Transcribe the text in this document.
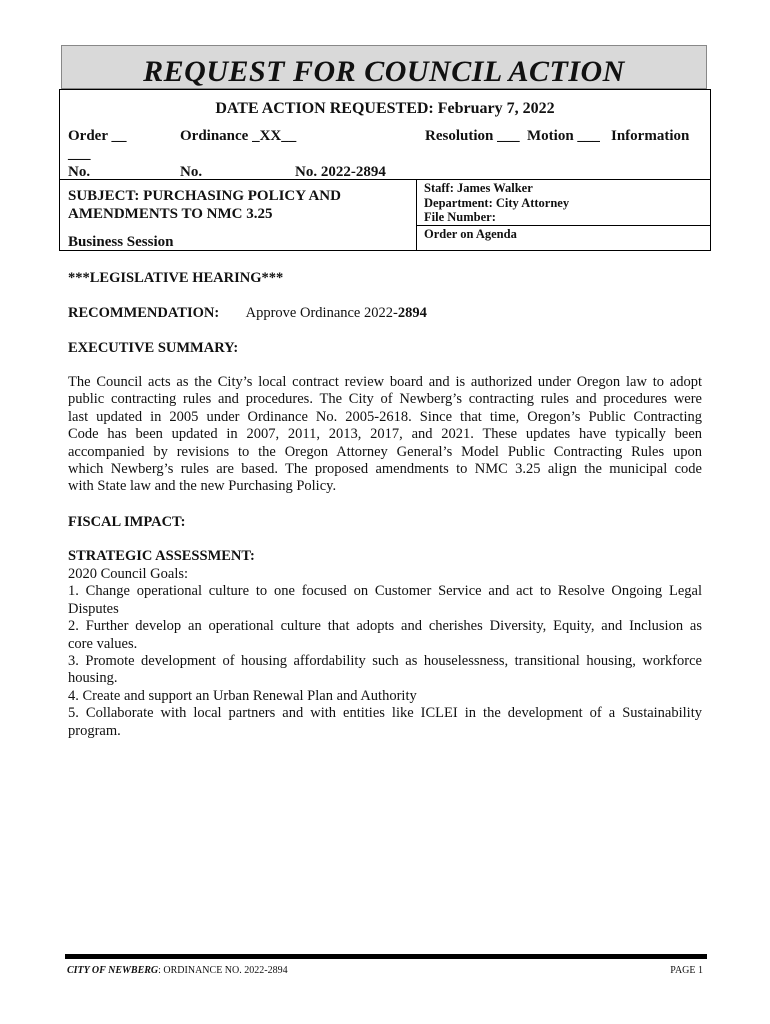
REQUEST FOR COUNCIL ACTION
DATE ACTION REQUESTED: February 7, 2022
Order __
___
No.
Ordinance _XX__
No.	No. 2022-2894
Resolution ___ Motion ___ Information
SUBJECT: PURCHASING POLICY AND
AMENDMENTS TO NMC 3.25
Business Session
Staff: James Walker
Department: City Attorney
File Number:
Order on Agenda
***LEGISLATIVE HEARING***
RECOMMENDATION: Approve Ordinance 2022-2894
EXECUTIVE SUMMARY:
The Council acts as the City’s local contract review board and is authorized under Oregon law to adopt
public contracting rules and procedures. The City of Newberg’s contracting rules and procedures were
last updated in 2005 under Ordinance No. 2005-2618. Since that time, Oregon’s Public Contracting
Code has been updated in 2007, 2011, 2013, 2017, and 2021. These updates have typically been
accompanied by revisions to the Oregon Attorney General’s Model Public Contracting Rules upon
which Newberg’s rules are based. The proposed amendments to NMC 3.25 align the municipal code
with State law and the new Purchasing Policy.
FISCAL IMPACT:
STRATEGIC ASSESSMENT:
2020 Council Goals:
1. Change operational culture to one focused on Customer Service and act to Resolve Ongoing Legal
Disputes
2. Further develop an operational culture that adopts and cherishes Diversity, Equity, and Inclusion as
core values.
3. Promote development of housing affordability such as houselessness, transitional housing, workforce
housing.
4. Create and support an Urban Renewal Plan and Authority
5. Collaborate with local partners and with entities like ICLEI in the development of a Sustainability
program.
CITY OF NEWBERG: ORDINANCE NO. 2022-2894	PAGE 1
